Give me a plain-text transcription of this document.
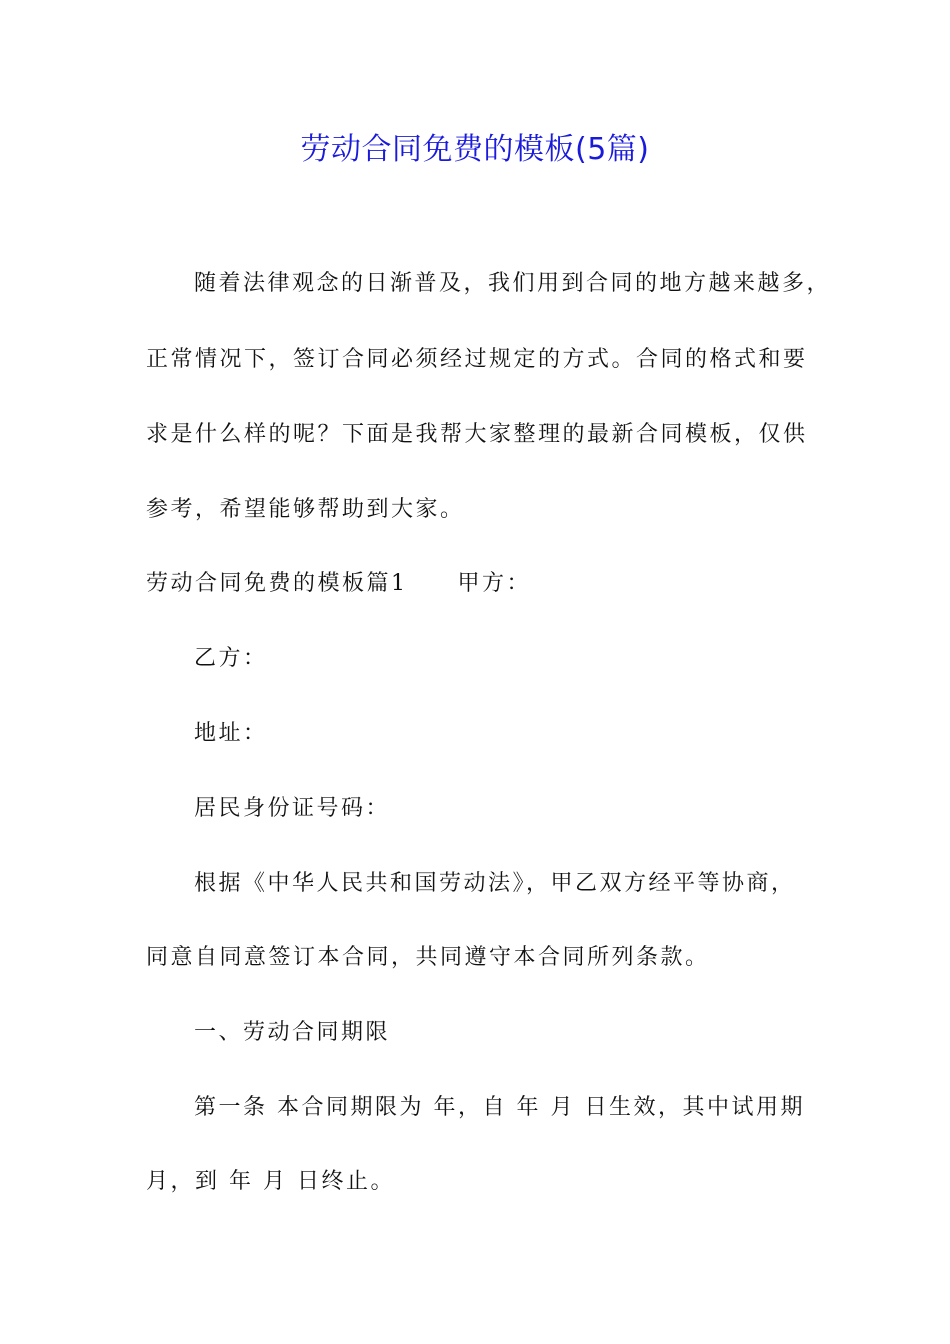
劳动合同免费的模板(5篇)
随着法律观念的日渐普及，我们用到合同的地方越来越多，
正常情况下，签订合同必须经过规定的方式。合同的格式和要
求是什么样的呢？下面是我帮大家整理的最新合同模板，仅供
参考，希望能够帮助到大家。
劳动合同免费的模板篇1 甲方：
乙方：
地址：
居民身份证号码：
根据《中华人民共和国劳动法》，甲乙双方经平等协商，
同意自同意签订本合同，共同遵守本合同所列条款。
一、劳动合同期限
第一条 本合同期限为 年，自 年 月 日生效，其中试用期
月，到 年 月 日终止。
